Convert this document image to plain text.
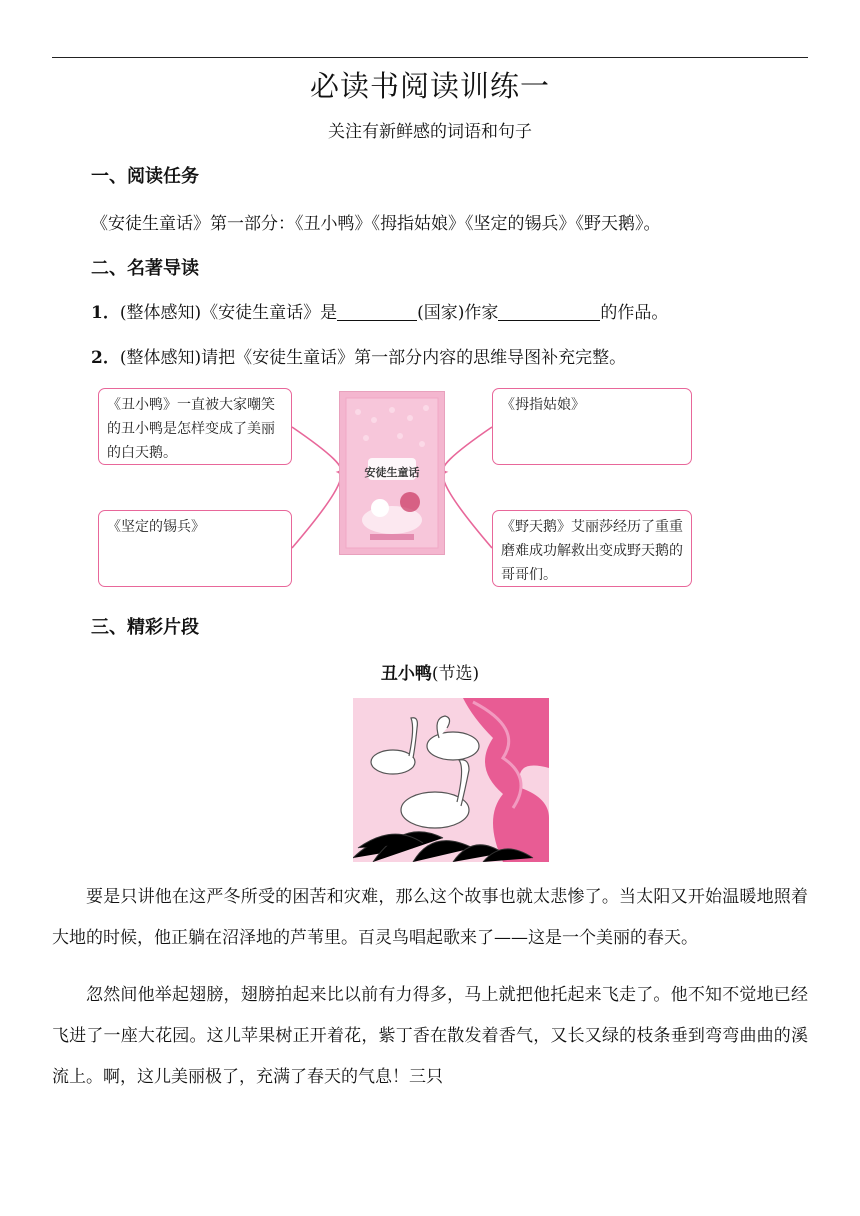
必读书阅读训练一
关注有新鲜感的词语和句子
一、阅读任务
《安徒生童话》第一部分：《丑小鸭》《拇指姑娘》《坚定的锡兵》《野天鹅》。
二、名著导读
1．(整体感知)《安徒生童话》是	(国家)作家	的作品。
2．(整体感知)请把《安徒生童话》第一部分内容的思维导图补充完整。
《丑小鸭》一直被大家嘲笑的丑小鸭是怎样变成了美丽的白天鹅。
《坚定的锡兵》
《拇指姑娘》
《野天鹅》艾丽莎经历了重重磨难成功解救出变成野天鹅的哥哥们。
安徒生童话
三、精彩片段
丑小鸭(节选)

要是只讲他在这严冬所受的困苦和灾难，那么这个故事也就太悲惨了。当太阳又开始温暖地照着大地的时候，他正躺在沼泽地的芦苇里。百灵鸟唱起歌来了——这是一个美丽的春天。

忽然间他举起翅膀，翅膀拍起来比以前有力得多，马上就把他托起来飞走了。他不知不觉地已经飞进了一座大花园。这儿苹果树正开着花，紫丁香在散发着香气，又长又绿的枝条垂到弯弯曲曲的溪流上。啊，这儿美丽极了，充满了春天的气息！三只
